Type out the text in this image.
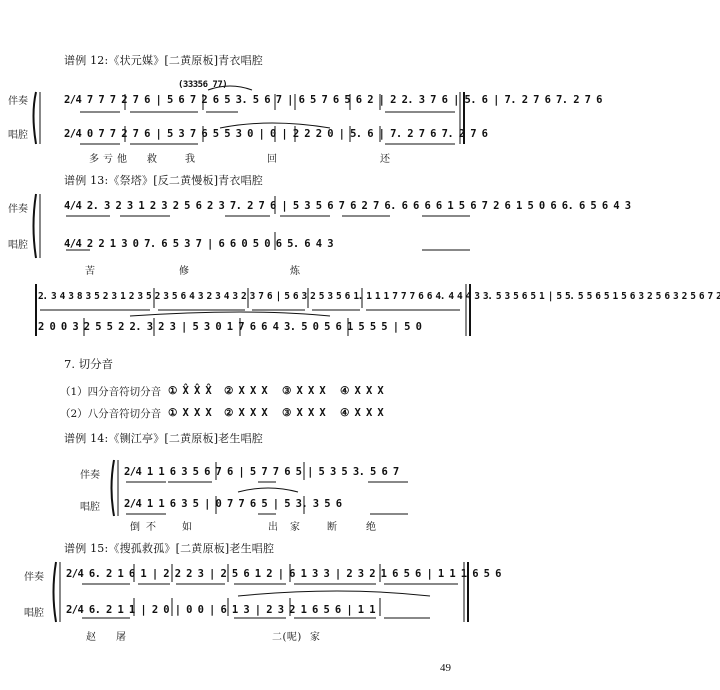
谱例 12:《状元媒》[二黄原板]青衣唱腔
(33356 77)
伴奏
唱腔
2/4 7 7 7 2 7 6 | 5 6 7 2 6 5 3. 5 6 7 | 6 5 7 6 5 6 2 | 2 2. 3 7 6 | 5. 6 | 7. 2 7 6 7. 2 7 6
2/4 0 7 7 2 7 6 | 5 3 7 6 5 5 3 0 | 0 | 2 2 2 0 | 5. 6 | 7. 2 7 6 7. 2 7 6
多 亏 他 救	我	回	还
谱例 13:《祭塔》[反二黄慢板]青衣唱腔
伴奏
唱腔
4/4 2. 3 2 3 1 2 3 2 5 6 2 3 7. 2 7 6 | 5 3 5 6 7 6 2 7 6. 6 6 6 6 1 5 6 7 2 6 1 5 0 6 6. 6 5 6 4 3
4/4 2 2 1 3 0 7. 6 5 3 7 | 6 6 0 5 0 6 5. 6 4 3
苦	修	炼
2. 3 4 3 8 3 5 2 3 1 2 3 5 2 3 5 6 4 3 2 3 4 3 2 3 7 6 | 5 6 3 2 5 3 5 6 1. 1 1 1 7 7 7 6 6 4. 4 4 4 3 3. 5 3 5 6 5 1 | 5 5. 5 5 6 5 1 5 6 3 2 5 6 3 2 5 6 7 2
2 0 0 3 2 5 5 2 2. 3 2 3 | 5 3 0 1 7 6 6 4 3. 5 0 5 6 1 5 5 5 | 5 0
7. 切分音
（1）四分音符切分音 ① X̂ X̂ X̂ ② X X X ③ X X X ④ X X X
（2）八分音符切分音 ① X X X ② X X X ③ X X X ④ X X X
谱例 14:《铡江亭》[二黄原板]老生唱腔
伴奏
唱腔
2/4 1 1 6 3 5 6 7 6 | 5 7 7 6 5 | 5 3 5 3. 5 6 7
2/4 1 1 6 3 5 | 0 7 7 6 5 | 5 3. 3 5 6
倒 不	如	出 家	断	绝
谱例 15:《搜孤救孤》[二黄原板]老生唱腔
伴奏
唱腔
2/4 6. 2 1 6 1 | 2 2 2 3 | 2 5 6 1 2 | 6 1 3 3 | 2 3 2 1 6 5 6 | 1 1 1 6 5 6
2/4 6. 2 1 1 | 2 0 | 0 0 | 6 1 3 | 2 3 2 1 6 5 6 | 1 1
赵 屠	二(呢) 家
49
